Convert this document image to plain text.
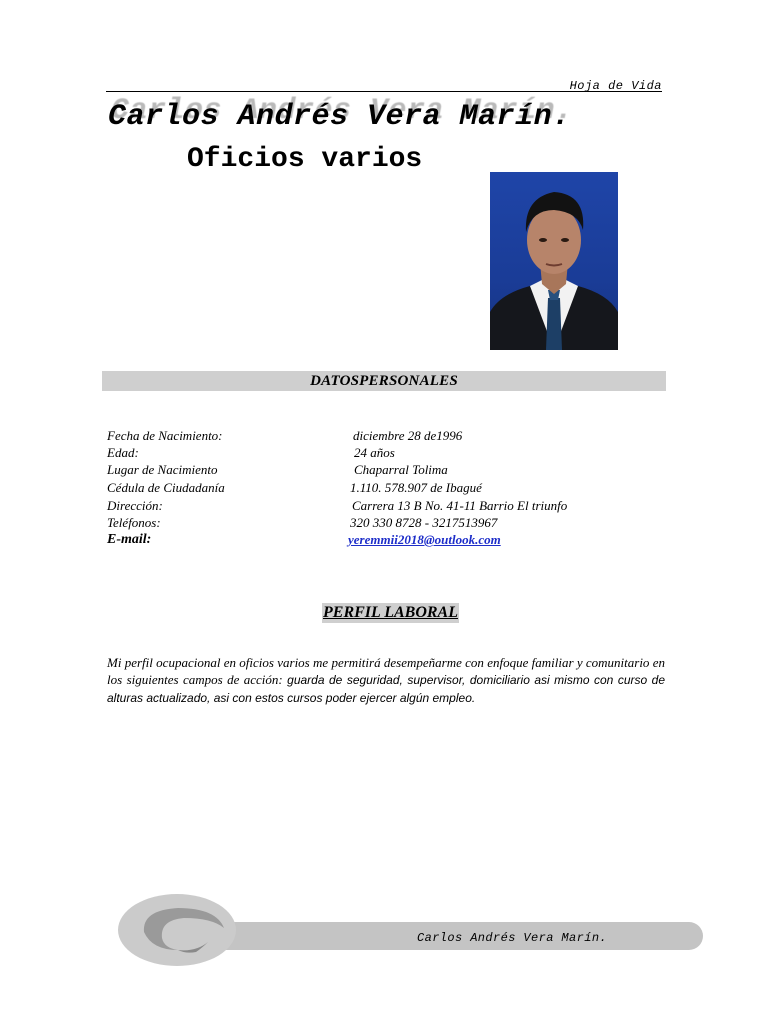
Hoja de Vida
Carlos Andrés Vera Marín.
Oficios varios
DATOSPERSONALES
Fecha de Nacimiento:	diciembre 28 de1996
Edad:	24 años
Lugar de Nacimiento	Chaparral Tolima
Cédula de Ciudadanía	1.110. 578.907 de Ibagué
Dirección:	Carrera 13 B No. 41-11 Barrio El triunfo
Teléfonos:	320 330 8728 - 3217513967
E-mail:	yeremmii2018@outlook.com
PERFIL LABORAL
Mi perfil ocupacional en oficios varios me permitirá desempeñarme con enfoque familiar y comunitario en los siguientes campos de acción: guarda de seguridad, supervisor, domiciliario asi mismo con curso de alturas actualizado, asi con estos cursos poder ejercer algún empleo.
Carlos Andrés Vera Marín.
